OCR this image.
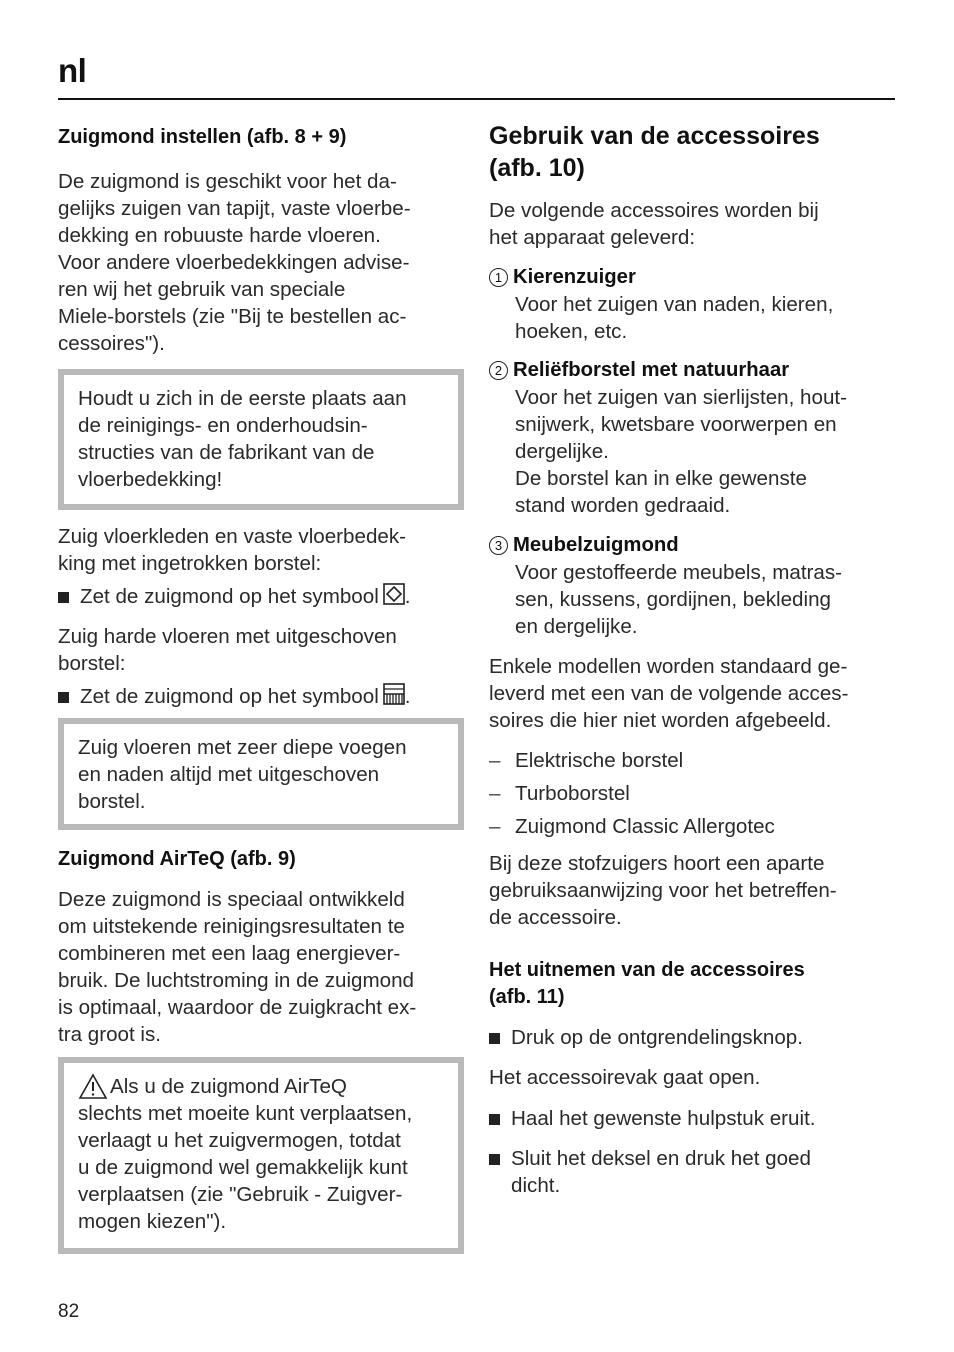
nl
Zuigmond instellen (afb. 8 + 9)

De zuigmond is geschikt voor het da-
gelijks zuigen van tapijt, vaste vloerbe-
dekking en robuuste harde vloeren.
Voor andere vloerbedekkingen advise-
ren wij het gebruik van speciale
Miele-borstels (zie "Bij te bestellen ac-
cessoires").

Houdt u zich in de eerste plaats aan
de reinigings- en onderhoudsin-
structies van de fabrikant van de
vloerbedekking!

Zuig vloerkleden en vaste vloerbedek-
king met ingetrokken borstel:

Zet de zuigmond op het symbool .

Zuig harde vloeren met uitgeschoven
borstel:

Zet de zuigmond op het symbool .

Zuig vloeren met zeer diepe voegen
en naden altijd met uitgeschoven
borstel.

Zuigmond AirTeQ (afb. 9)

Deze zuigmond is speciaal ontwikkeld
om uitstekende reinigingsresultaten te
combineren met een laag energiever-
bruik. De luchtstroming in de zuigmond
is optimaal, waardoor de zuigkracht ex-
tra groot is.

Als u de zuigmond AirTeQ

slechts met moeite kunt verplaatsen,
verlaagt u het zuigvermogen, totdat
u de zuigmond wel gemakkelijk kunt
verplaatsen (zie "Gebruik - Zuigver-
mogen kiezen").

Gebruik van de accessoires
(afb. 10)

De volgende accessoires worden bij
het apparaat geleverd:

1 Kierenzuiger

Voor het zuigen van naden, kieren,
hoeken, etc.

2 Reliëfborstel met natuurhaar

Voor het zuigen van sierlijsten, hout-
snijwerk, kwetsbare voorwerpen en
dergelijke.
De borstel kan in elke gewenste
stand worden gedraaid.

3 Meubelzuigmond

Voor gestoffeerde meubels, matras-
sen, kussens, gordijnen, bekleding
en dergelijke.

Enkele modellen worden standaard ge-
leverd met een van de volgende acces-
soires die hier niet worden afgebeeld.

– Elektrische borstel
– Turboborstel
– Zuigmond Classic Allergotec

Bij deze stofzuigers hoort een aparte
gebruiksaanwijzing voor het betreffen-
de accessoire.

Het uitnemen van de accessoires
(afb. 11)
Druk op de ontgrendelingsknop.

Het accessoirevak gaat open.

Haal het gewenste hulpstuk eruit.
Sluit het deksel en druk het goed
dicht.
82
